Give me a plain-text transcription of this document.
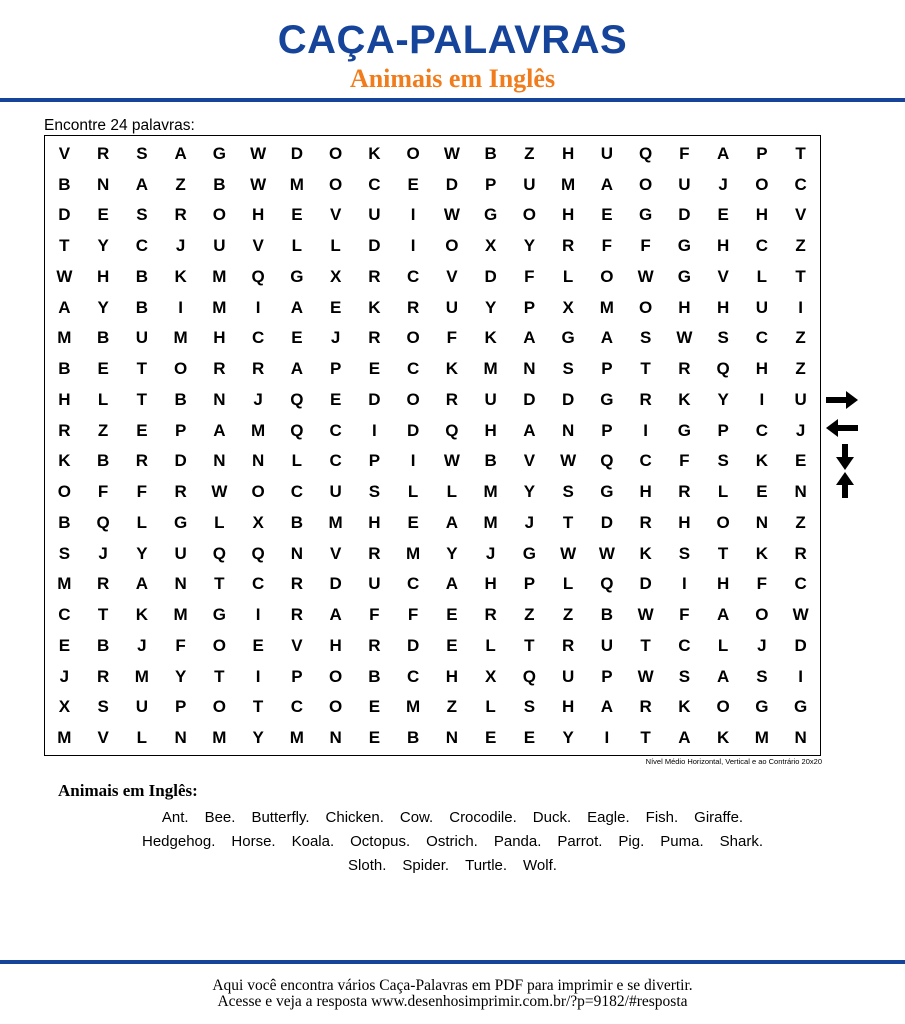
CAÇA-PALAVRAS
Animais em Inglês
Encontre 24 palavras:
V	R	S	A	G	W	D	O	K	O	W	B	Z	H	U	Q	F	A	P	T
B	N	A	Z	B	W	M	O	C	E	D	P	U	M	A	O	U	J	O	C
D	E	S	R	O	H	E	V	U	I	W	G	O	H	E	G	D	E	H	V
T	Y	C	J	U	V	L	L	D	I	O	X	Y	R	F	F	G	H	C	Z
W	H	B	K	M	Q	G	X	R	C	V	D	F	L	O	W	G	V	L	T
A	Y	B	I	M	I	A	E	K	R	U	Y	P	X	M	O	H	H	U	I
M	B	U	M	H	C	E	J	R	O	F	K	A	G	A	S	W	S	C	Z
B	E	T	O	R	R	A	P	E	C	K	M	N	S	P	T	R	Q	H	Z
H	L	T	B	N	J	Q	E	D	O	R	U	D	D	G	R	K	Y	I	U
R	Z	E	P	A	M	Q	C	I	D	Q	H	A	N	P	I	G	P	C	J
K	B	R	D	N	N	L	C	P	I	W	B	V	W	Q	C	F	S	K	E
O	F	F	R	W	O	C	U	S	L	L	M	Y	S	G	H	R	L	E	N
B	Q	L	G	L	X	B	M	H	E	A	M	J	T	D	R	H	O	N	Z
S	J	Y	U	Q	Q	N	V	R	M	Y	J	G	W	W	K	S	T	K	R
M	R	A	N	T	C	R	D	U	C	A	H	P	L	Q	D	I	H	F	C
C	T	K	M	G	I	R	A	F	F	E	R	Z	Z	B	W	F	A	O	W
E	B	J	F	O	E	V	H	R	D	E	L	T	R	U	T	C	L	J	D
J	R	M	Y	T	I	P	O	B	C	H	X	Q	U	P	W	S	A	S	I
X	S	U	P	O	T	C	O	E	M	Z	L	S	H	A	R	K	O	G	G
M	V	L	N	M	Y	M	N	E	B	N	E	E	Y	I	T	A	K	M	N
Nível Médio Horizontal, Vertical e ao Contrário 20x20
Animais em Inglês:
Ant. Bee. Butterfly. Chicken. Cow. Crocodile. Duck. Eagle. Fish. Giraffe.
Hedgehog. Horse. Koala. Octopus. Ostrich. Panda. Parrot. Pig. Puma. Shark.
Sloth. Spider. Turtle. Wolf.
Aqui você encontra vários Caça-Palavras em PDF para imprimir e se divertir.
Acesse e veja a resposta www.desenhosimprimir.com.br/?p=9182/#resposta
